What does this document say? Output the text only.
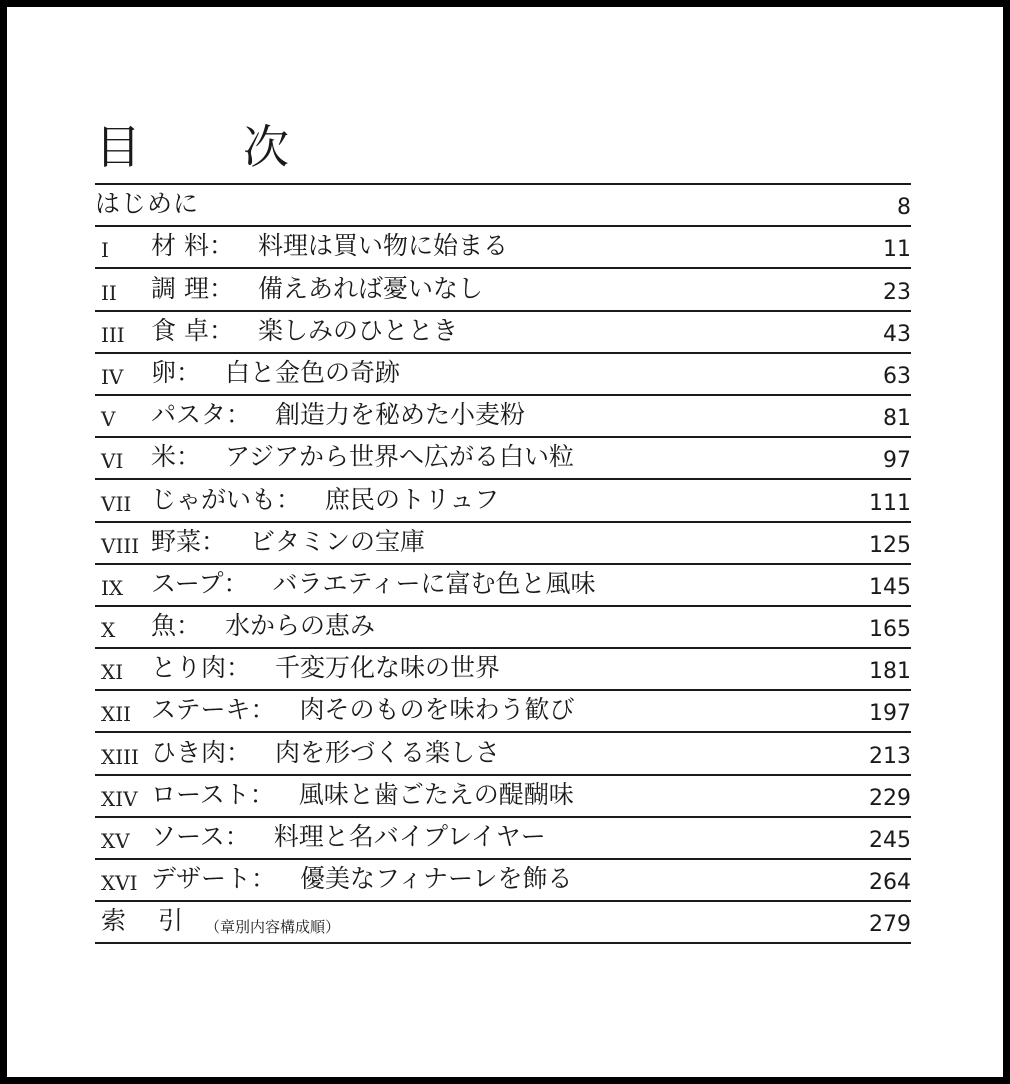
目　次
はじめに	8
I	材 料： 料理は買い物に始まる	11
II	調 理： 備えあれば憂いなし	23
III	食 卓： 楽しみのひととき	43
IV	卵： 白と金色の奇跡	63
V	パスタ： 創造力を秘めた小麦粉	81
VI	米： アジアから世界へ広がる白い粒	97
VII じゃがいも： 庶民のトリュフ	111
VIII 野菜： ビタミンの宝庫	125
IX	スープ： バラエティーに富む色と風味	145
X	魚： 水からの恵み	165
XI	とり肉： 千変万化な味の世界	181
XII ステーキ： 肉そのものを味わう歓び	197
XIII ひき肉： 肉を形づくる楽しさ	213
XIV ロースト： 風味と歯ごたえの醍醐味	229
XV ソース： 料理と名バイプレイヤー	245
XVI デザート： 優美なフィナーレを飾る	264
索 引 （章別内容構成順）	279
